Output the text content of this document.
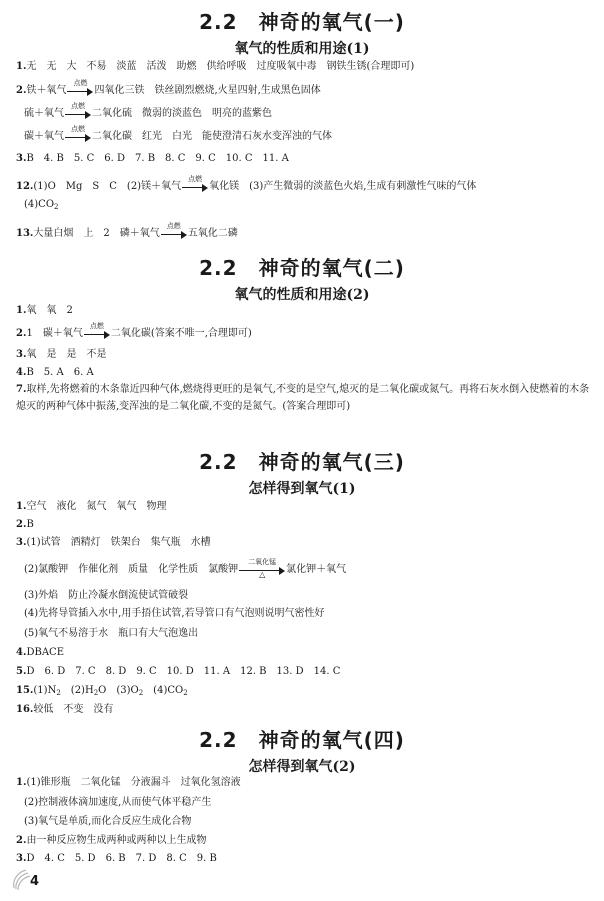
2.2　神奇的氧气(一)
氧气的性质和用途(1)
1.无　无　大　不易　淡蓝　活泼　助燃　供给呼吸　过度吸氧中毒　钢铁生锈(合理即可)
2.铁＋氧气
点燃
四氧化三铁　铁丝剧烈燃烧,火星四射,生成黑色固体
硫＋氧气
点燃
二氧化硫　微弱的淡蓝色　明亮的蓝紫色
碳＋氧气
点燃
二氧化碳　红光　白光　能使澄清石灰水变浑浊的气体
3.B　4. B　5. C　6. D　7. B　8. C　9. C　10. C　11. A
12.(1)O　Mg　S　C　(2)镁＋氧气
点燃
氧化镁　(3)产生微弱的淡蓝色火焰,生成有刺激性气味的气体
$(4)CO_2$
13.大量白烟　上　2　磷＋氧气
点燃
五氧化二磷
2.2　神奇的氧气(二)
氧气的性质和用途(2)
1.氧　氧　2
2.1　碳＋氧气
点燃
二氧化碳(答案不唯一,合理即可)
3.氧　是　是　不是
4.B　5. A　6. A
7.取样,先将燃着的木条靠近四种气体,燃烧得更旺的是氧气,不变的是空气,熄灭的是二氧化碳或氮气。再将石灰水倒入使燃着的木条熄灭的两种气体中振荡,变浑浊的是二氧化碳,不变的是氮气。(答案合理即可)
2.2　神奇的氧气(三)
怎样得到氧气(1)
1.空气　液化　氮气　氧气　物理
2.B
3.(1)试管　酒精灯　铁架台　集气瓶　水槽
(2)氯酸钾　作催化剂　质量　化学性质　氯酸钾
二氧化锰
△	氯化钾＋氧气
(3)外焰　防止冷凝水倒流使试管破裂
(4)先将导管插入水中,用手捂住试管,若导管口有气泡则说明气密性好
(5)氧气不易溶于水　瓶口有大气泡逸出
4.DBACE
5.D　6. D　7. C　8. D　9. C　10. D　11. A　12. B　13. D　14. C
$15.(1)N_2$　$(2)H_2O$　$(3)O_2$　$(4)CO_2$
16.较低　不变　没有
2.2　神奇的氧气(四)
怎样得到氧气(2)
1.(1)锥形瓶　二氧化锰　分液漏斗　过氧化氢溶液
(2)控制液体滴加速度,从而使气体平稳产生
(3)氧气是单质,而化合反应生成化合物
2.由一种反应物生成两种或两种以上生成物
3.D　4. C　5. D　6. B　7. D　8. C　9. B
4
